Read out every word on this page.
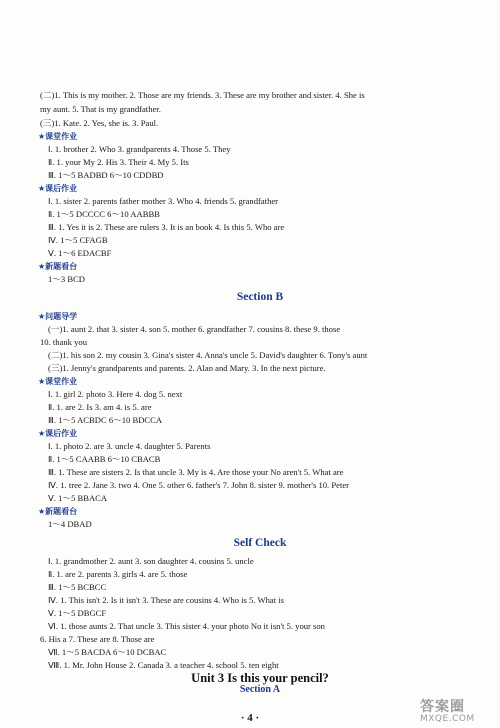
(二)1. This is my mother. 2. Those are my friends. 3. These are my brother and sister. 4. She is
my aunt. 5. That is my grandfather.
(三)1. Kate. 2. Yes, she is. 3. Paul.
★课堂作业
Ⅰ. 1. brother 2. Who 3. grandparents 4. Those 5. They
Ⅱ. 1. your My 2. His 3. Their 4. My 5. Its
Ⅲ. 1～5 BADBD 6～10 CDDBD
★课后作业
Ⅰ. 1. sister 2. parents father mother 3. Who 4. friends 5. grandfather
Ⅱ. 1～5 DCCCC 6～10 AABBB
Ⅲ. 1. Yes it is 2. These are rulers 3. It is an book 4. Is this 5. Who are
Ⅳ. 1～5 CFAGB
Ⅴ. 1～6 EDACBF
★新题看台
1～3 BCD
Section B
★问题导学
(一)1. aunt 2. that 3. sister 4. son 5. mother 6. grandfather 7. cousins 8. these 9. those
10. thank you
(二)1. his son 2. my cousin 3. Gina's sister 4. Anna's uncle 5. David's daughter 6. Tony's aunt
(三)1. Jenny's grandparents and parents. 2. Alan and Mary. 3. In the next picture.
★课堂作业
Ⅰ. 1. girl 2. photo 3. Here 4. dog 5. next
Ⅱ. 1. are 2. Is 3. am 4. is 5. are
Ⅲ. 1～5 ACBDC 6～10 BDCCA
★课后作业
Ⅰ. 1. photo 2. are 3. uncle 4. daughter 5. Parents
Ⅱ. 1～5 CAABB 6～10 CBACB
Ⅲ. 1. These are sisters 2. Is that uncle 3. My is 4. Are those your No aren't 5. What are
Ⅳ. 1. tree 2. Jane 3. two 4. One 5. other 6. father's 7. John 8. sister 9. mother's 10. Peter
Ⅴ. 1～5 BBACA
★新题看台
1～4 DBAD
Self Check
Ⅰ. 1. grandmother 2. aunt 3. son daughter 4. cousins 5. uncle
Ⅱ. 1. are 2. parents 3. girls 4. are 5. those
Ⅲ. 1～5 BCBCC
Ⅳ. 1. This isn't 2. Is it isn't 3. These are cousins 4. Who is 5. What is
Ⅴ. 1～5 DBGCF
Ⅵ. 1. those aunts 2. That uncle 3. This sister 4. your photo No it isn't 5. your son
6. His a 7. These are 8. Those are
Ⅶ. 1～5 BACDA 6～10 DCBAC
Ⅷ. 1. Mr. John House 2. Canada 3. a teacher 4. school 5. ten eight
Unit 3 Is this your pencil?
Section A
· 4 ·
答案圈
MXQE.COM
